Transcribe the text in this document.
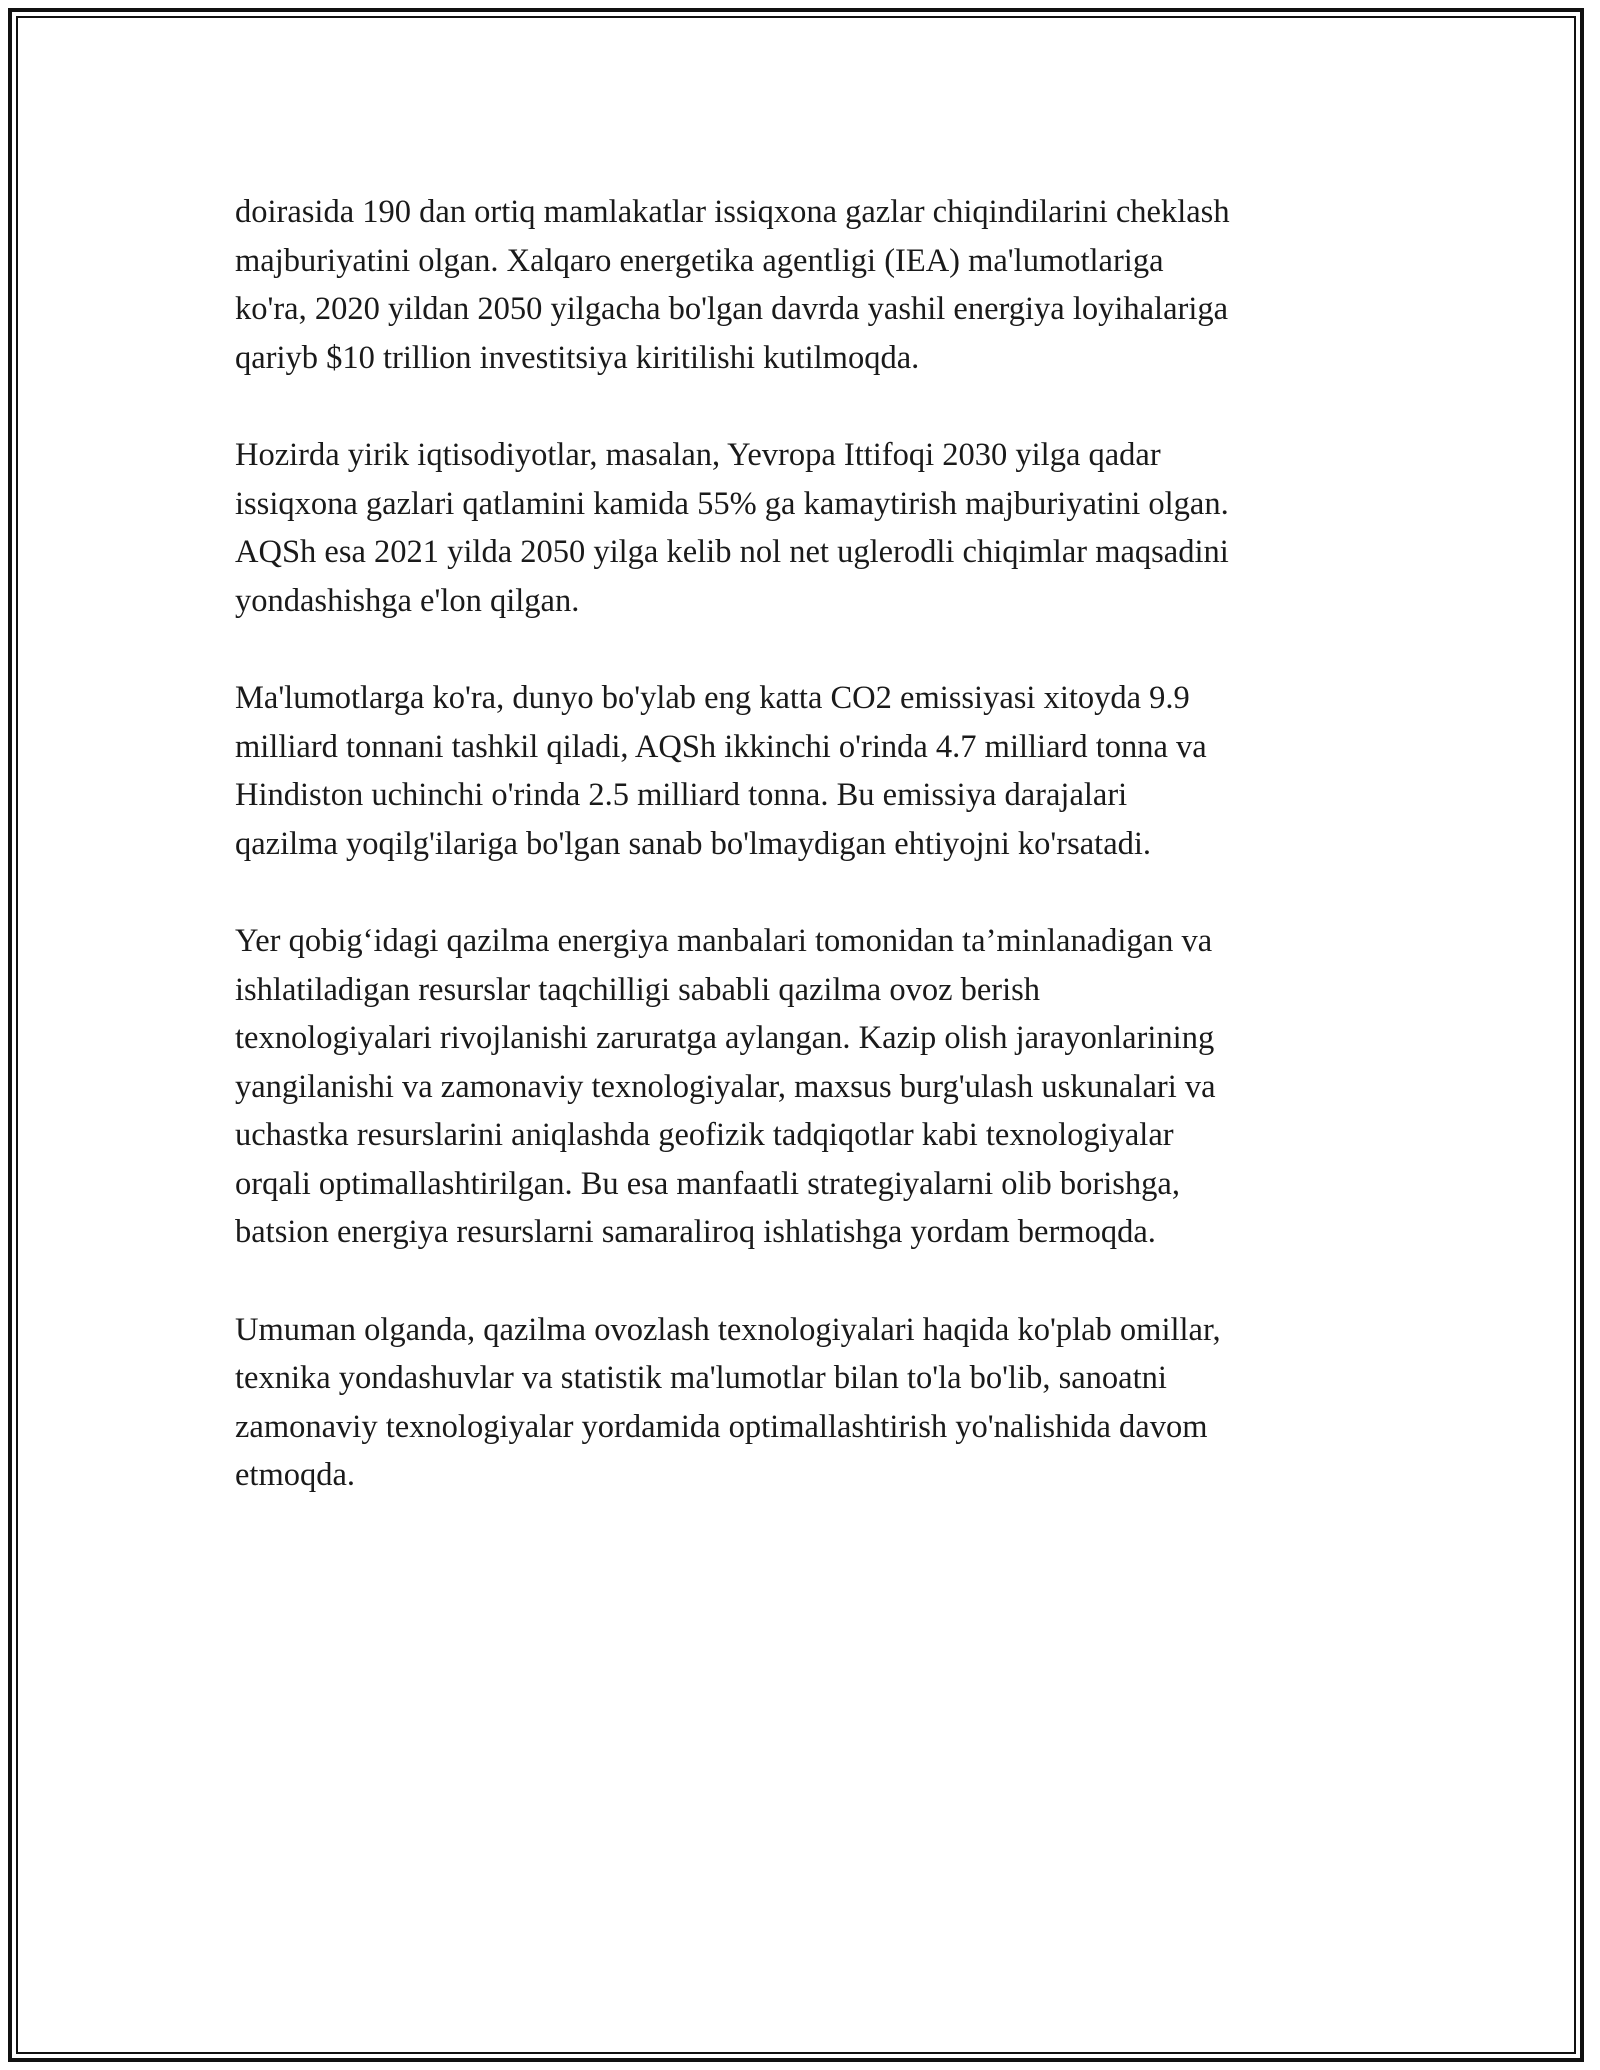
doirasida 190 dan ortiq mamlakatlar issiqxona gazlar chiqindilarini cheklash
majburiyatini olgan. Xalqaro energetika agentligi (IEA) ma'lumotlariga
ko'ra, 2020 yildan 2050 yilgacha bo'lgan davrda yashil energiya loyihalariga
qariyb $10 trillion investitsiya kiritilishi kutilmoqda.

Hozirda yirik iqtisodiyotlar, masalan, Yevropa Ittifoqi 2030 yilga qadar
issiqxona gazlari qatlamini kamida 55% ga kamaytirish majburiyatini olgan.
AQSh esa 2021 yilda 2050 yilga kelib nol net uglerodli chiqimlar maqsadini
yondashishga e'lon qilgan.

Ma'lumotlarga ko'ra, dunyo bo'ylab eng katta CO2 emissiyasi xitoyda 9.9
milliard tonnani tashkil qiladi, AQSh ikkinchi o'rinda 4.7 milliard tonna va
Hindiston uchinchi o'rinda 2.5 milliard tonna. Bu emissiya darajalari
qazilma yoqilg'ilariga bo'lgan sanab bo'lmaydigan ehtiyojni ko'rsatadi.

Yer qobig‘idagi qazilma energiya manbalari tomonidan ta’minlanadigan va
ishlatiladigan resurslar taqchilligi sababli qazilma ovoz berish
texnologiyalari rivojlanishi zaruratga aylangan. Kazip olish jarayonlarining
yangilanishi va zamonaviy texnologiyalar, maxsus burg'ulash uskunalari va
uchastka resurslarini aniqlashda geofizik tadqiqotlar kabi texnologiyalar
orqali optimallashtirilgan. Bu esa manfaatli strategiyalarni olib borishga,
batsion energiya resurslarni samaraliroq ishlatishga yordam bermoqda.

Umuman olganda, qazilma ovozlash texnologiyalari haqida ko'plab omillar,
texnika yondashuvlar va statistik ma'lumotlar bilan to'la bo'lib, sanoatni
zamonaviy texnologiyalar yordamida optimallashtirish yo'nalishida davom
etmoqda.
